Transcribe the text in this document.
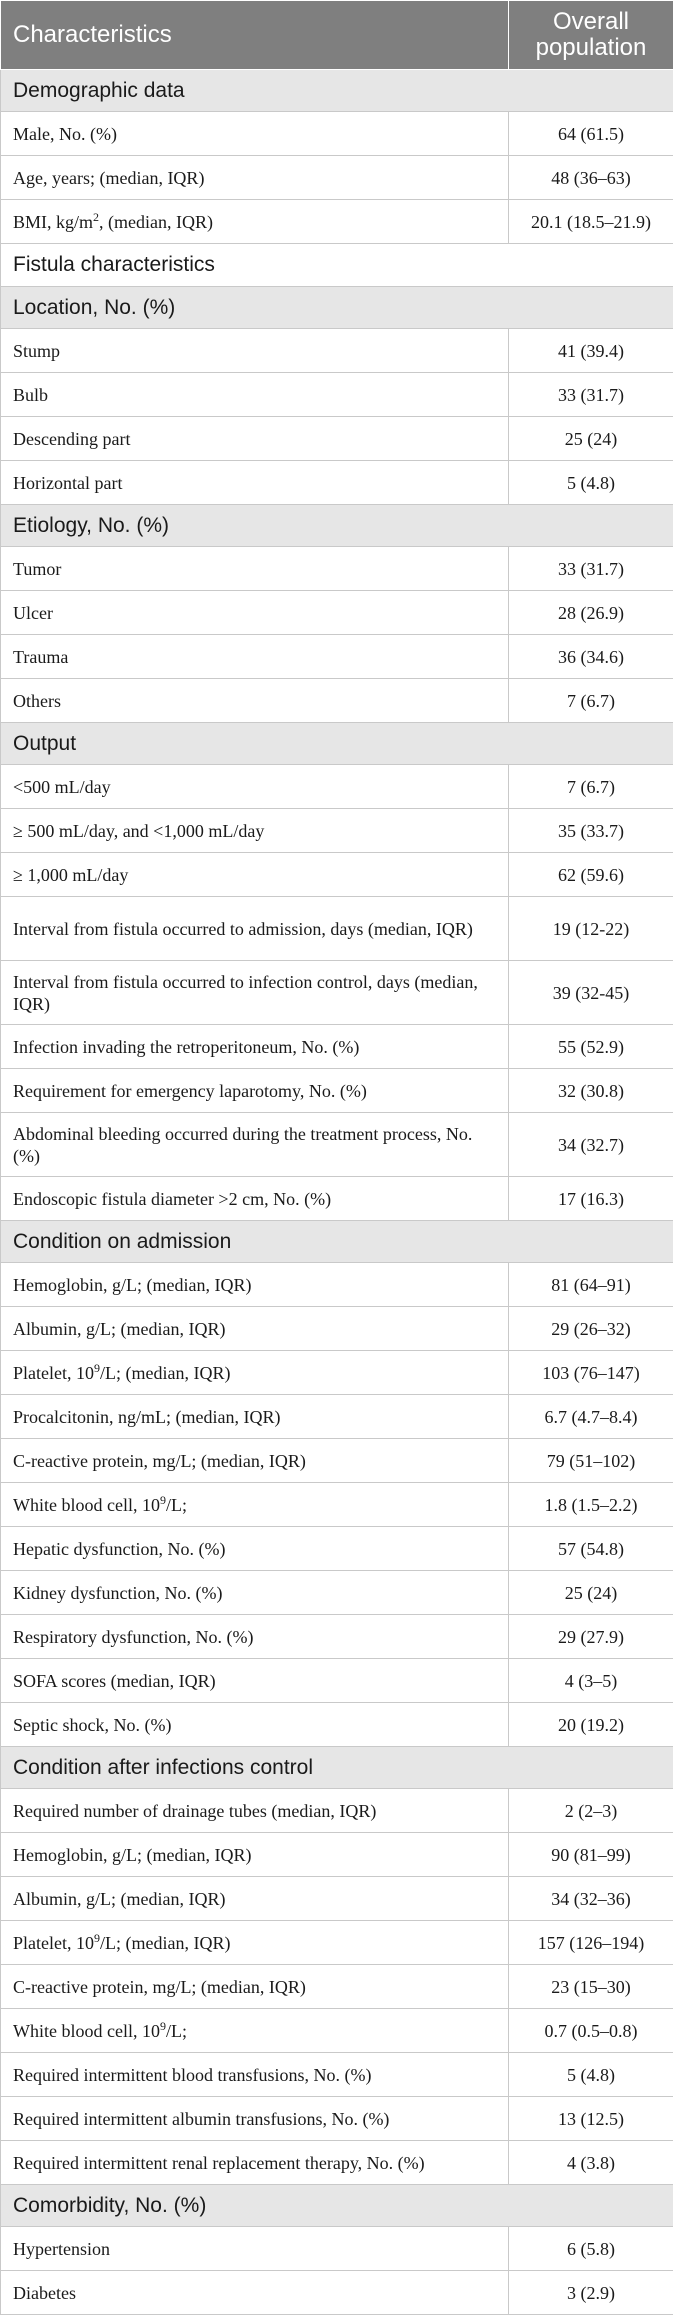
Characteristics	Overall population
Demographic data	
Male, No. (%)	64 (61.5)
Age, years; (median, IQR)	48 (36–63)
BMI, $kg/m^2$, (median, IQR)	20.1 (18.5–21.9)
Fistula characteristics	
Location, No. (%)	
Stump	41 (39.4)
Bulb	33 (31.7)
Descending part	25 (24)
Horizontal part	5 (4.8)
Etiology, No. (%)	
Tumor	33 (31.7)
Ulcer	28 (26.9)
Trauma	36 (34.6)
Others	7 (6.7)
Output	
<500 mL/day	7 (6.7)
≥ 500 mL/day, and <1,000 mL/day	35 (33.7)
≥ 1,000 mL/day	62 (59.6)
Interval from fistula occurred to admission, days (median, IQR)	19 (12-22)
Interval from fistula occurred to infection control, days (median, IQR)	39 (32-45)
Infection invading the retroperitoneum, No. (%)	55 (52.9)
Requirement for emergency laparotomy, No. (%)	32 (30.8)
Abdominal bleeding occurred during the treatment process, No. (%)	34 (32.7)
Endoscopic fistula diameter >2 cm, No. (%)	17 (16.3)
Condition on admission	
Hemoglobin, g/L; (median, IQR)	81 (64–91)
Albumin, g/L; (median, IQR)	29 (26–32)
Platelet, $10^9/L$; (median, IQR)	103 (76–147)
Procalcitonin, ng/mL; (median, IQR)	6.7 (4.7–8.4)
C-reactive protein, mg/L; (median, IQR)	79 (51–102)
White blood cell, $10^9/L$;	1.8 (1.5–2.2)
Hepatic dysfunction, No. (%)	57 (54.8)
Kidney dysfunction, No. (%)	25 (24)
Respiratory dysfunction, No. (%)	29 (27.9)
SOFA scores (median, IQR)	4 (3–5)
Septic shock, No. (%)	20 (19.2)
Condition after infections control	
Required number of drainage tubes (median, IQR)	2 (2–3)
Hemoglobin, g/L; (median, IQR)	90 (81–99)
Albumin, g/L; (median, IQR)	34 (32–36)
Platelet, $10^9/L$; (median, IQR)	157 (126–194)
C-reactive protein, mg/L; (median, IQR)	23 (15–30)
White blood cell, $10^9/L$;	0.7 (0.5–0.8)
Required intermittent blood transfusions, No. (%)	5 (4.8)
Required intermittent albumin transfusions, No. (%)	13 (12.5)
Required intermittent renal replacement therapy, No. (%)	4 (3.8)
Comorbidity, No. (%)	
Hypertension	6 (5.8)
Diabetes	3 (2.9)
